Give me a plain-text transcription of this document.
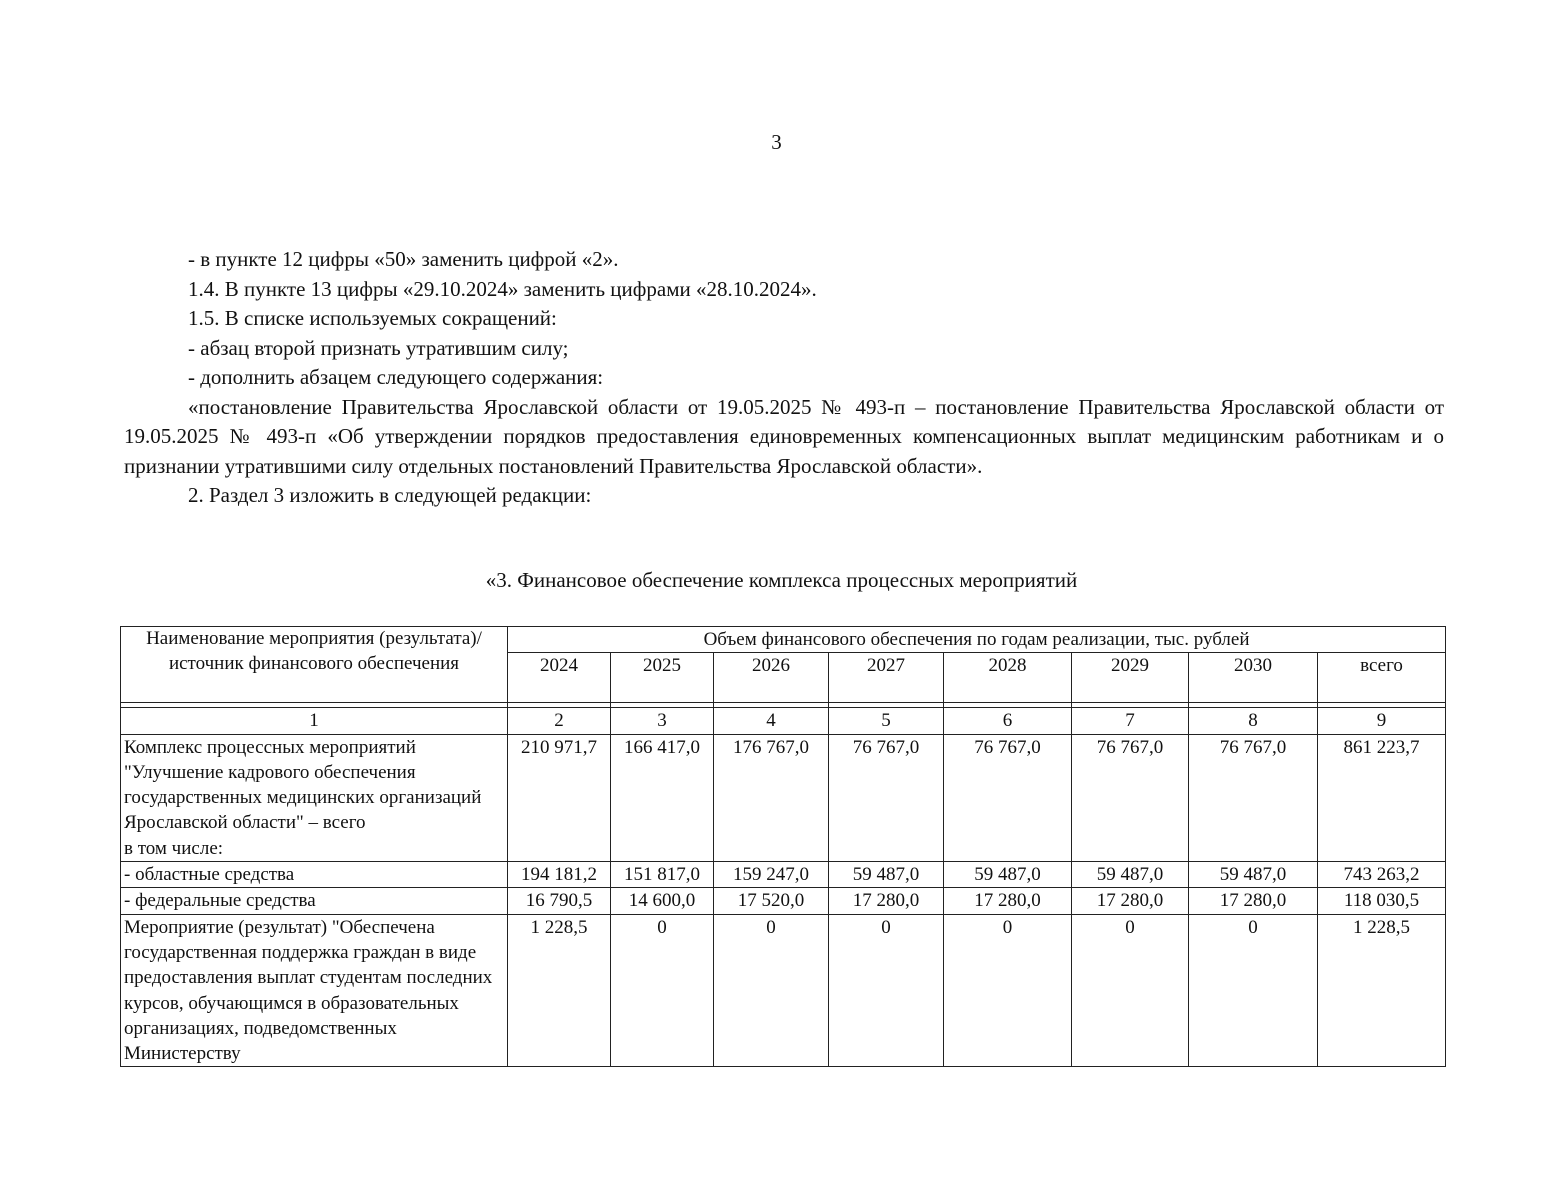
3

- в пункте 12 цифры «50» заменить цифрой «2».

1.4. В пункте 13 цифры «29.10.2024» заменить цифрами «28.10.2024».

1.5. В списке используемых сокращений:

- абзац второй признать утратившим силу;

- дополнить абзацем следующего содержания:

«постановление Правительства Ярославской области от 19.05.2025 № 493-п – постановление Правительства Ярославской области от 19.05.2025 № 493-п «Об утверждении порядков предоставления единовременных компенсационных выплат медицинским работникам и о признании утратившими силу отдельных постановлений Правительства Ярославской области».

2. Раздел 3 изложить в следующей редакции:

«3. Финансовое обеспечение комплекса процессных мероприятий
Наименование мероприятия (результата)/ источник финансового обеспечения	Объем финансового обеспечения по годам реализации, тыс. рублей							
	2024	2025	2026	2027	2028	2029	2030	всего

1	2	3	4	5	6	7	8	9

Комплекс процессных мероприятий "Улучшение кадрового обеспечения государственных медицинских организаций Ярославской области" – всего
в том числе:	210 971,7	166 417,0	176 767,0	76 767,0	76 767,0	76 767,0	76 767,0	861 223,7
- областные средства	194 181,2	151 817,0	159 247,0	59 487,0	59 487,0	59 487,0	59 487,0	743 263,2
- федеральные средства	16 790,5	14 600,0	17 520,0	17 280,0	17 280,0	17 280,0	17 280,0	118 030,5
Мероприятие (результат) "Обеспечена государственная поддержка граждан в виде предоставления выплат студентам последних курсов, обучающимся в образовательных организациях, подведомственных Министерству	1 228,5	0	0	0	0	0	0	1 228,5
